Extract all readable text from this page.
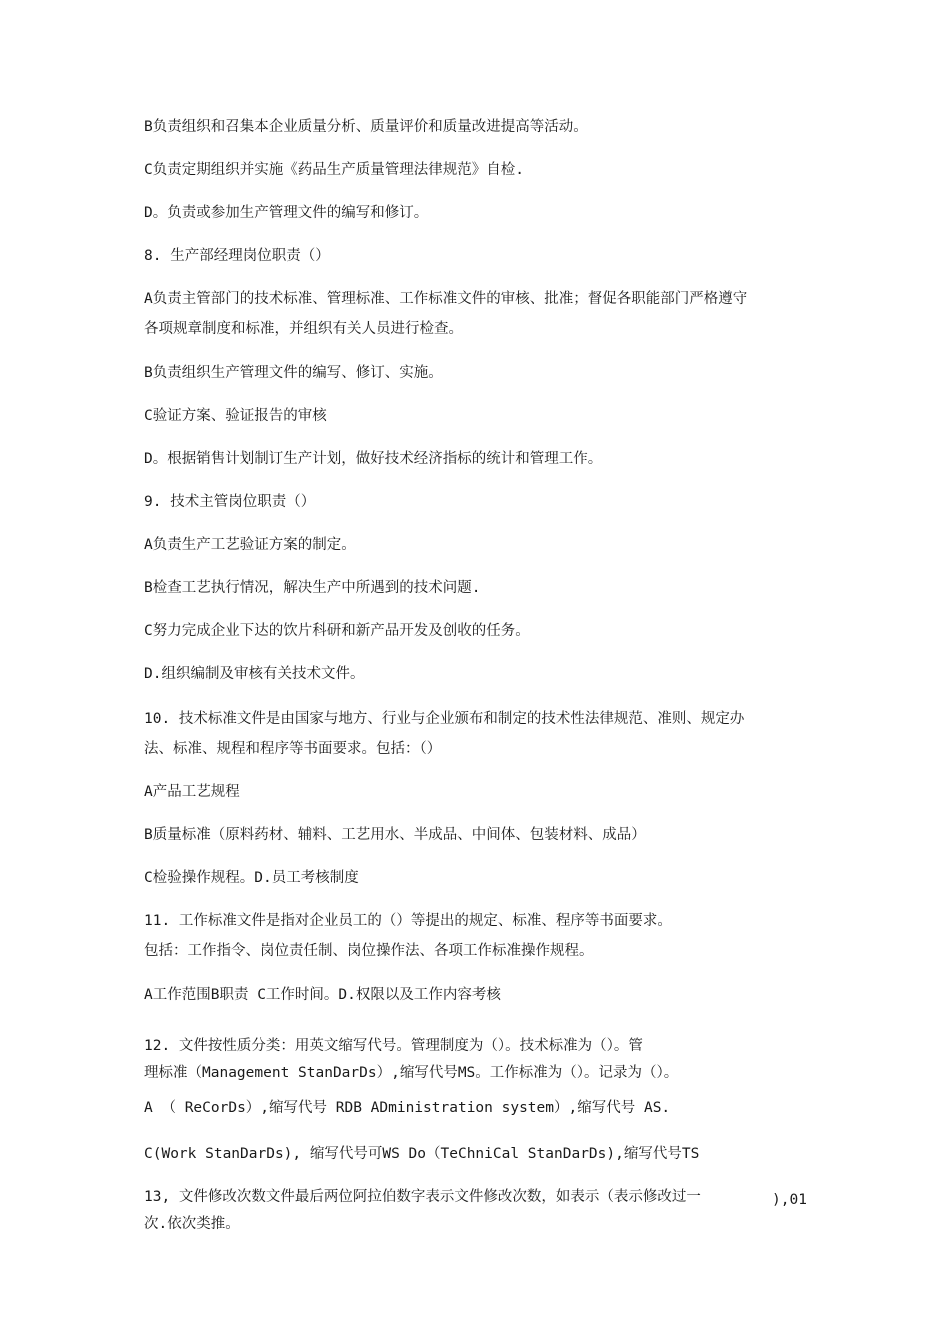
B负责组织和召集本企业质量分析、质量评价和质量改进提高等活动。
C负责定期组织并实施《药品生产质量管理法律规范》自检.
D。负责或参加生产管理文件的编写和修订。
8. 生产部经理岗位职责（）
A负责主管部门的技术标准、管理标准、工作标准文件的审核、批准；督促各职能部门严格遵守
各项规章制度和标准，并组织有关人员进行检查。
B负责组织生产管理文件的编写、修订、实施。
C验证方案、验证报告的审核
D。根据销售计划制订生产计划，做好技术经济指标的统计和管理工作。
9. 技术主管岗位职责（）
A负责生产工艺验证方案的制定。
B检查工艺执行情况，解决生产中所遇到的技术问题.
C努力完成企业下达的饮片科研和新产品开发及创收的任务。
D.组织编制及审核有关技术文件。
10. 技术标准文件是由国家与地方、行业与企业颁布和制定的技术性法律规范、准则、规定办
法、标准、规程和程序等书面要求。包括：（）
A产品工艺规程
B质量标准（原料药材、辅料、工艺用水、半成品、中间体、包装材料、成品）
C检验操作规程。D.员工考核制度
11. 工作标准文件是指对企业员工的（）等提出的规定、标准、程序等书面要求。
包括：工作指令、岗位责任制、岗位操作法、各项工作标准操作规程。
A工作范围B职责 C工作时间。D.权限以及工作内容考核
12. 文件按性质分类：用英文缩写代号。管理制度为（）。技术标准为（）。管
理标准（Management StanDarDs）,缩写代号MS。工作标准为（）。记录为（）。
A （ ReCorDs）,缩写代号 RDB ADministration system）,缩写代号 AS.
C(Work StanDarDs), 缩写代号可WS Do（TeChniCal StanDarDs),缩写代号TS
13, 文件修改次数文件最后两位阿拉伯数字表示文件修改次数，如表示（表示修改过一	),01
次.依次类推。
